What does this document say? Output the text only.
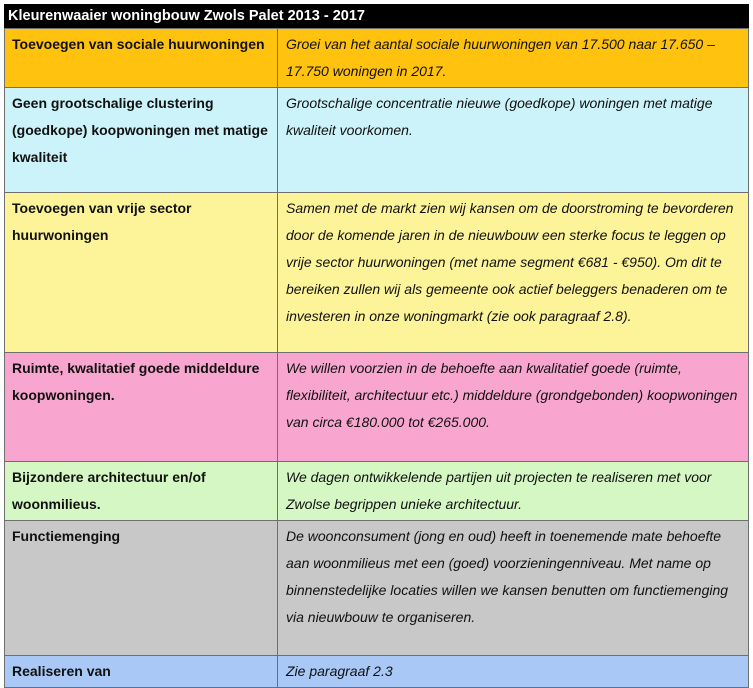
Kleurenwaaier woningbouw Zwols Palet 2013 - 2017
Toevoegen van sociale huurwoningen	Groei van het aantal sociale huurwoningen van 17.500 naar 17.650 – 17.750 woningen in 2017.
Geen grootschalige clustering (goedkope) koopwoningen met matige kwaliteit	Grootschalige concentratie nieuwe (goedkope) woningen met matige kwaliteit voorkomen.
Toevoegen van vrije sector huurwoningen	Samen met de markt zien wij kansen om de doorstroming te bevorderen door de komende jaren in de nieuwbouw een sterke focus te leggen op vrije sector huurwoningen (met name segment €681 - €950). Om dit te bereiken zullen wij als gemeente ook actief beleggers benaderen om te investeren in onze woningmarkt (zie ook paragraaf 2.8).
Ruimte, kwalitatief goede middeldure koopwoningen.	We willen voorzien in de behoefte aan kwalitatief goede (ruimte, flexibiliteit, architectuur etc.) middeldure (grondgebonden) koopwoningen van circa €180.000 tot €265.000.
Bijzondere architectuur en/of woonmilieus.	We dagen ontwikkelende partijen uit projecten te realiseren met voor Zwolse begrippen unieke architectuur.
Functiemenging	De woonconsument (jong en oud) heeft in toenemende mate behoefte aan woonmilieus met een (goed) voorzieningenniveau. Met name op binnenstedelijke locaties willen we kansen benutten om functiemenging via nieuwbouw te organiseren.
Realiseren van	Zie paragraaf 2.3
